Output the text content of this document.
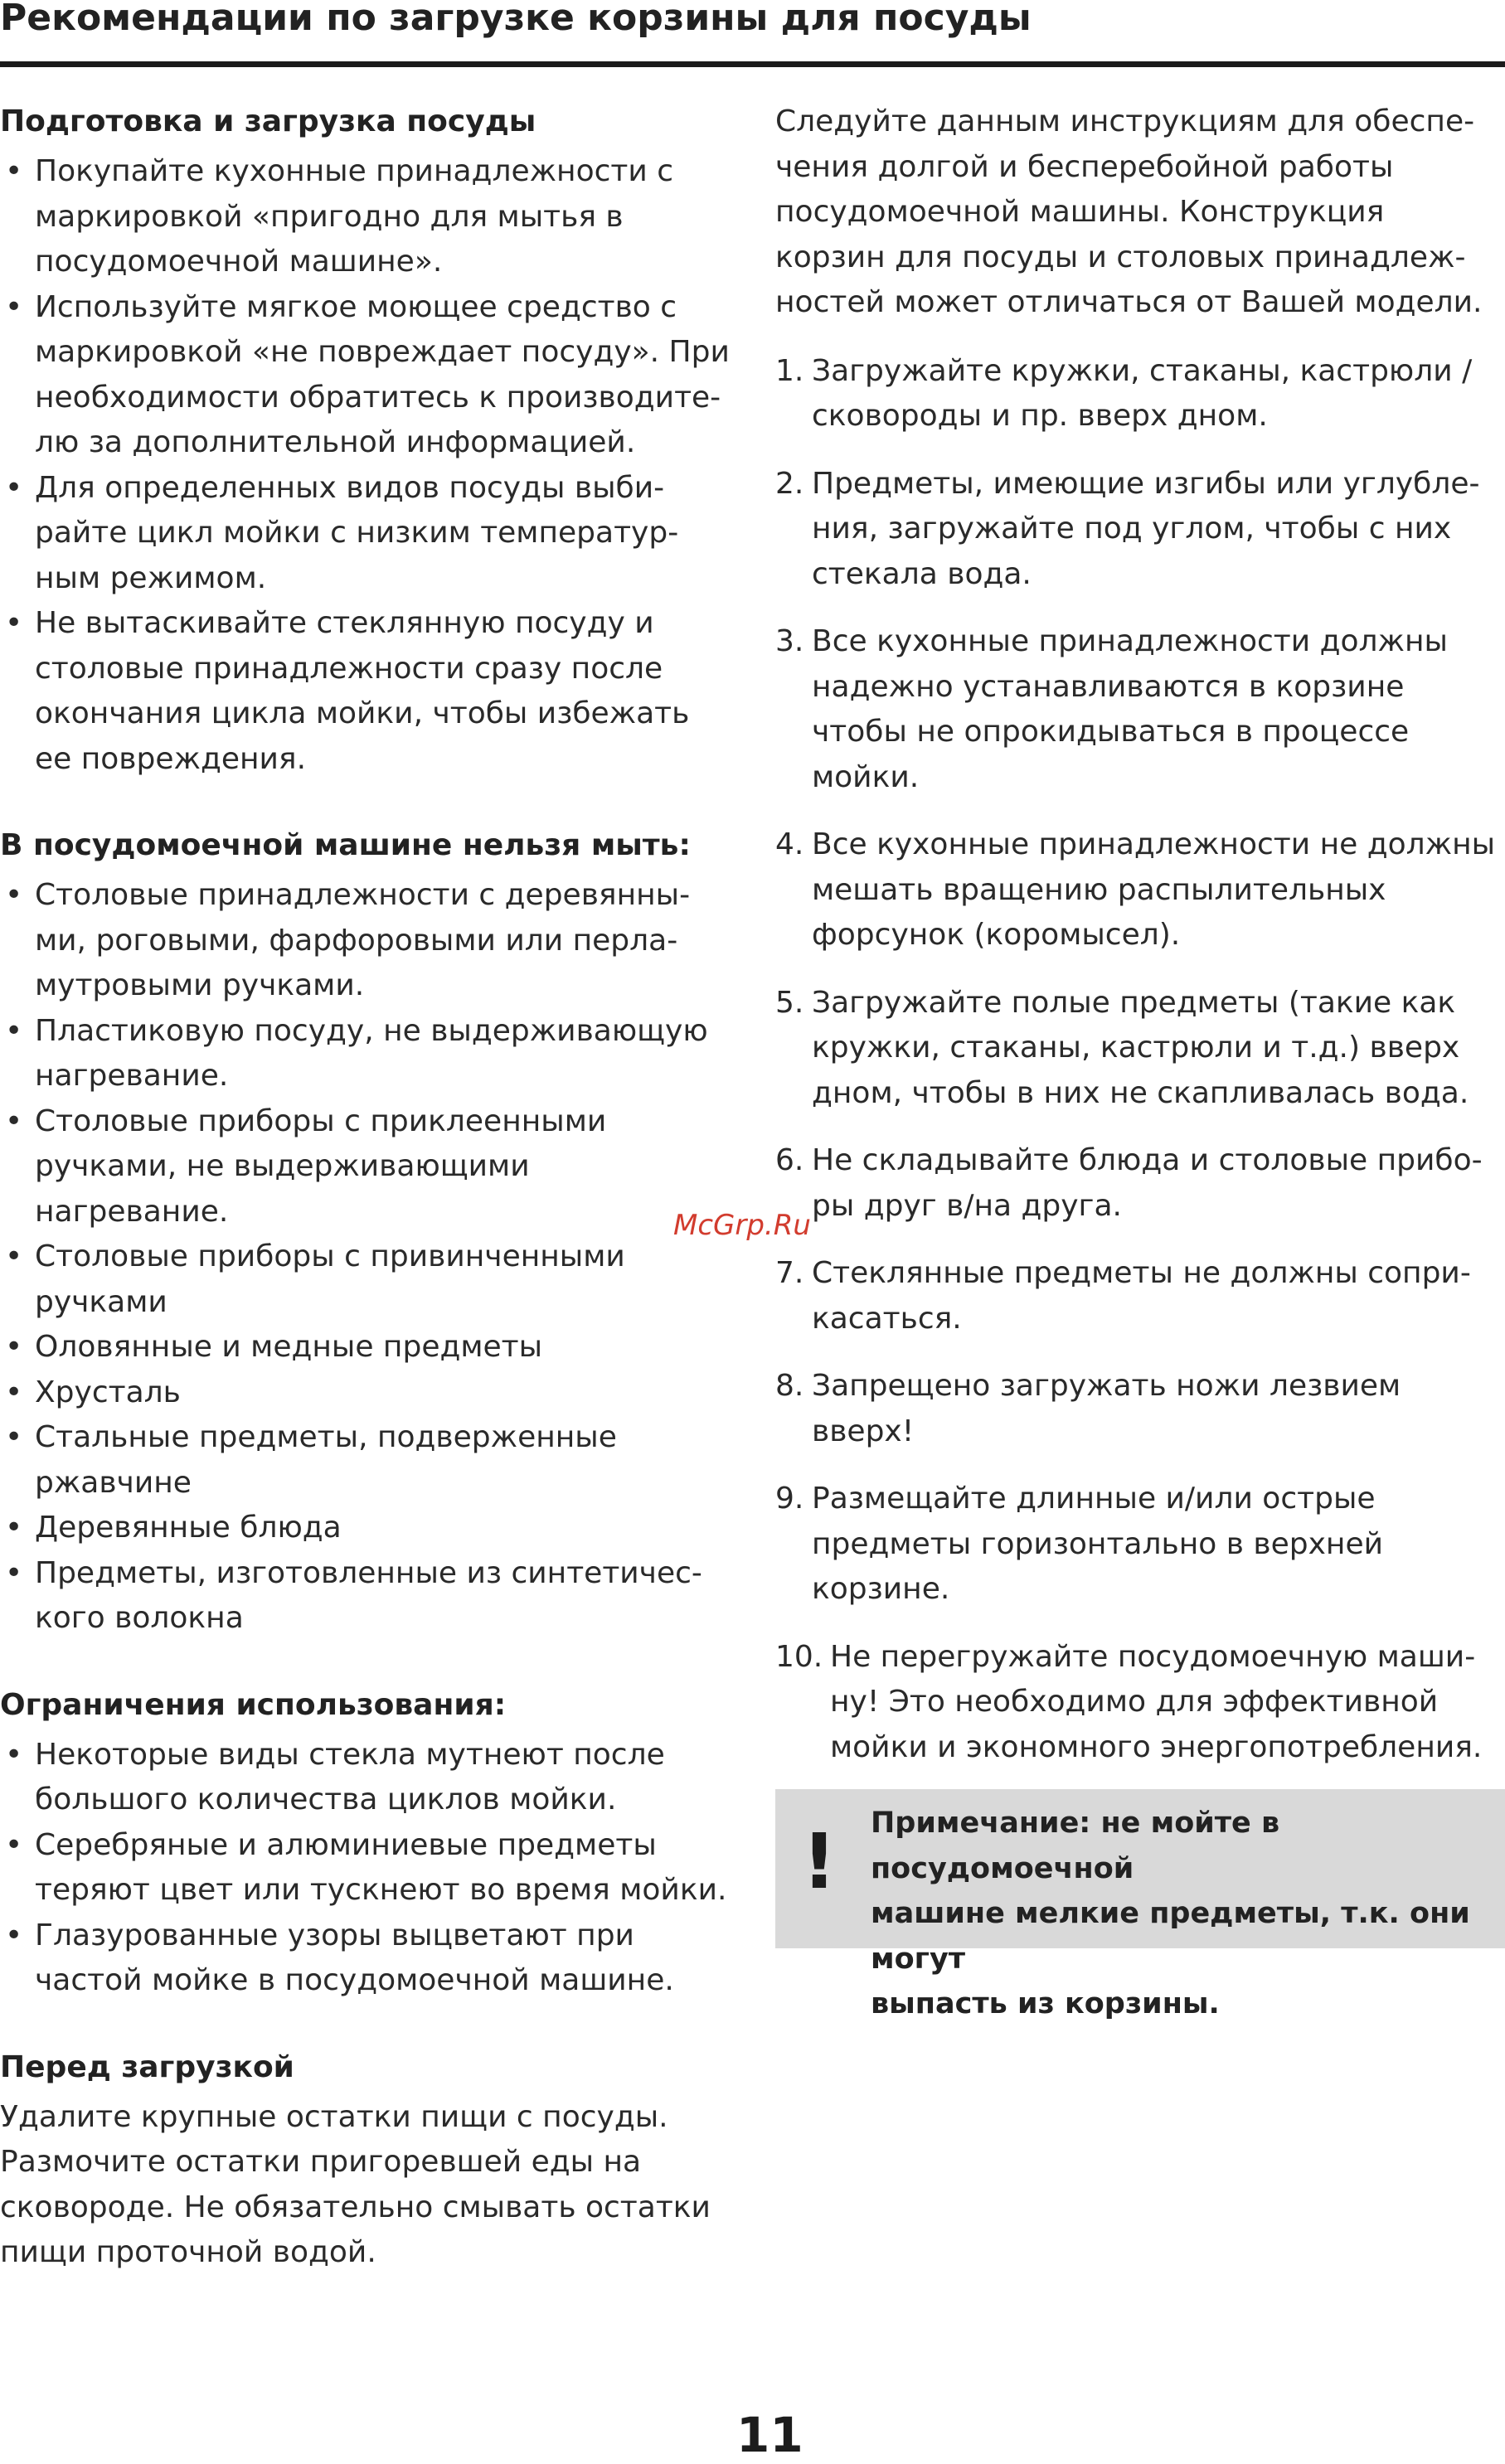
Рекомендации по загрузке корзины для посуды
Подготовка и загрузка посуды
• Покупайте кухонные принадлежности с
маркировкой «пригодно для мытья в
посудомоечной машине».
• Используйте мягкое моющее средство с
маркировкой «не повреждает посуду». При
необходимости обратитесь к производите-
лю за дополнительной информацией.
• Для определенных видов посуды выби-
райте цикл мойки с низким температур-
ным режимом.
• Не вытаскивайте стеклянную посуду и
столовые принадлежности сразу после
окончания цикла мойки, чтобы избежать
ее повреждения.
В посудомоечной машине нельзя мыть:
• Столовые принадлежности с деревянны-
ми, роговыми, фарфоровыми или перла-
мутровыми ручками.
• Пластиковую посуду, не выдерживающую
нагревание.
• Столовые приборы с приклеенными
ручками, не выдерживающими нагревание.
• Столовые приборы с привинченными
ручками
• Оловянные и медные предметы
• Хрусталь
• Стальные предметы, подверженные
ржавчине
• Деревянные блюда
• Предметы, изготовленные из синтетичес-
кого волокна
Ограничения использования:
• Некоторые виды стекла мутнеют после
большого количества циклов мойки.
• Серебряные и алюминиевые предметы
теряют цвет или тускнеют во время мойки.
• Глазурованные узоры выцветают при
частой мойке в посудомоечной машине.
Перед загрузкой

Удалите крупные остатки пищи с посуды.
Размочите остатки пригоревшей еды на
сковороде. Не обязательно смывать остатки
пищи проточной водой.

Следуйте данным инструкциям для обеспе-
чения долгой и бесперебойной работы
посудомоечной машины. Конструкция
корзин для посуды и столовых принадлеж-
ностей может отличаться от Вашей модели.

1. Загружайте кружки, стаканы, кастрюли /
сковороды и пр. вверх дном.
2. Предметы, имеющие изгибы или углубле-
ния, загружайте под углом, чтобы с них
стекала вода.
3. Все кухонные принадлежности должны
надежно устанавливаются в корзине
чтобы не опрокидываться в процессе
мойки.
4. Все кухонные принадлежности не должны
мешать вращению распылительных
форсунок (коромысел).
5. Загружайте полые предметы (такие как
кружки, стаканы, кастрюли и т.д.) вверх
дном, чтобы в них не скапливалась вода.
6. Не складывайте блюда и столовые прибо-
ры друг в/на друга.
7. Стеклянные предметы не должны сопри-
касаться.
8. Запрещено загружать ножи лезвием
вверх!
9. Размещайте длинные и/или острые
предметы горизонтально в верхней
корзине.
10. Не перегружайте посудомоечную маши-
ну! Это необходимо для эффективной
мойки и экономного энергопотребления.
! Примечание: не мойте в посудомоечной
машине мелкие предметы, т.к. они могут
выпасть из корзины.
McGrp.Ru
11
